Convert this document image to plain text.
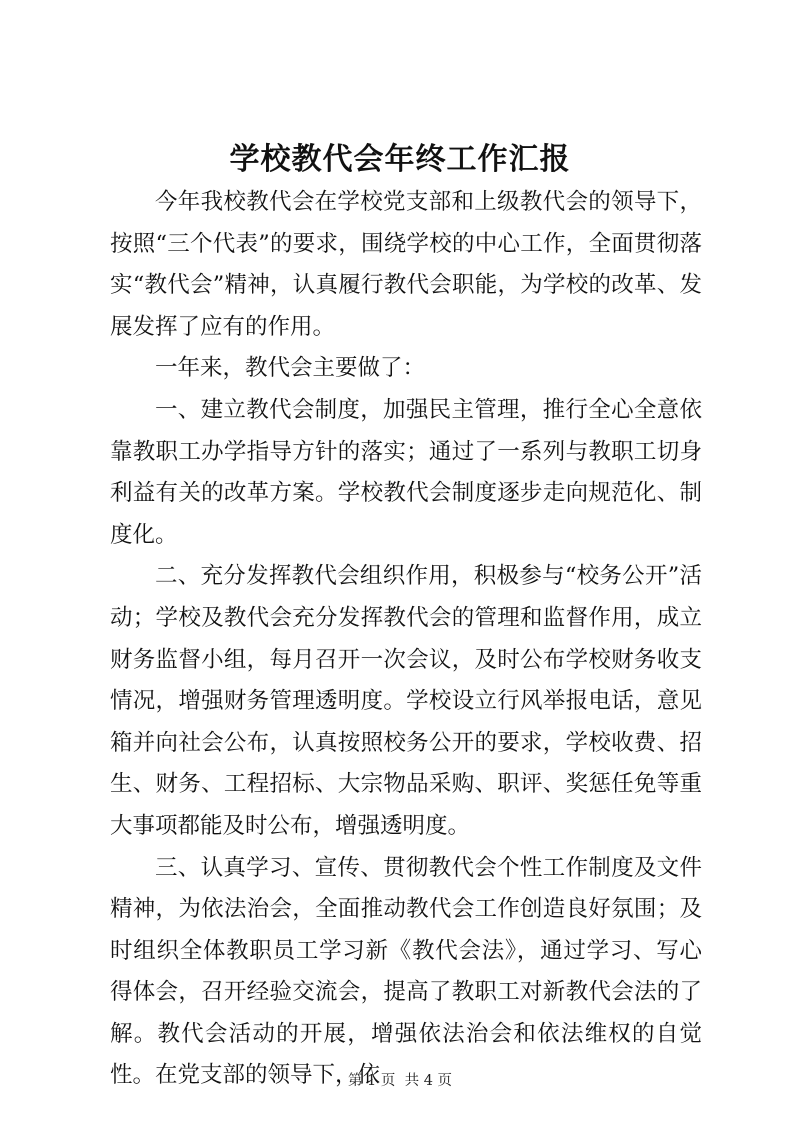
学校教代会年终工作汇报

今年我校教代会在学校党支部和上级教代会的领导下，按照“三个代表”的要求，围绕学校的中心工作，全面贯彻落实“教代会”精神，认真履行教代会职能，为学校的改革、发展发挥了应有的作用。

一年来，教代会主要做了：

一、建立教代会制度，加强民主管理，推行全心全意依靠教职工办学指导方针的落实；通过了一系列与教职工切身利益有关的改革方案。学校教代会制度逐步走向规范化、制度化。

二、充分发挥教代会组织作用，积极参与“校务公开”活动；学校及教代会充分发挥教代会的管理和监督作用，成立财务监督小组，每月召开一次会议，及时公布学校财务收支情况，增强财务管理透明度。学校设立行风举报电话，意见箱并向社会公布，认真按照校务公开的要求，学校收费、招生、财务、工程招标、大宗物品采购、职评、奖惩任免等重大事项都能及时公布，增强透明度。

三、认真学习、宣传、贯彻教代会个性工作制度及文件精神，为依法治会，全面推动教代会工作创造良好氛围；及时组织全体教职员工学习新《教代会法》，通过学习、写心得体会，召开经验交流会，提高了教职工对新教代会法的了解。教代会活动的开展，增强依法治会和依法维权的自觉性。在党支部的领导下，依

第 1 页  共 4 页
